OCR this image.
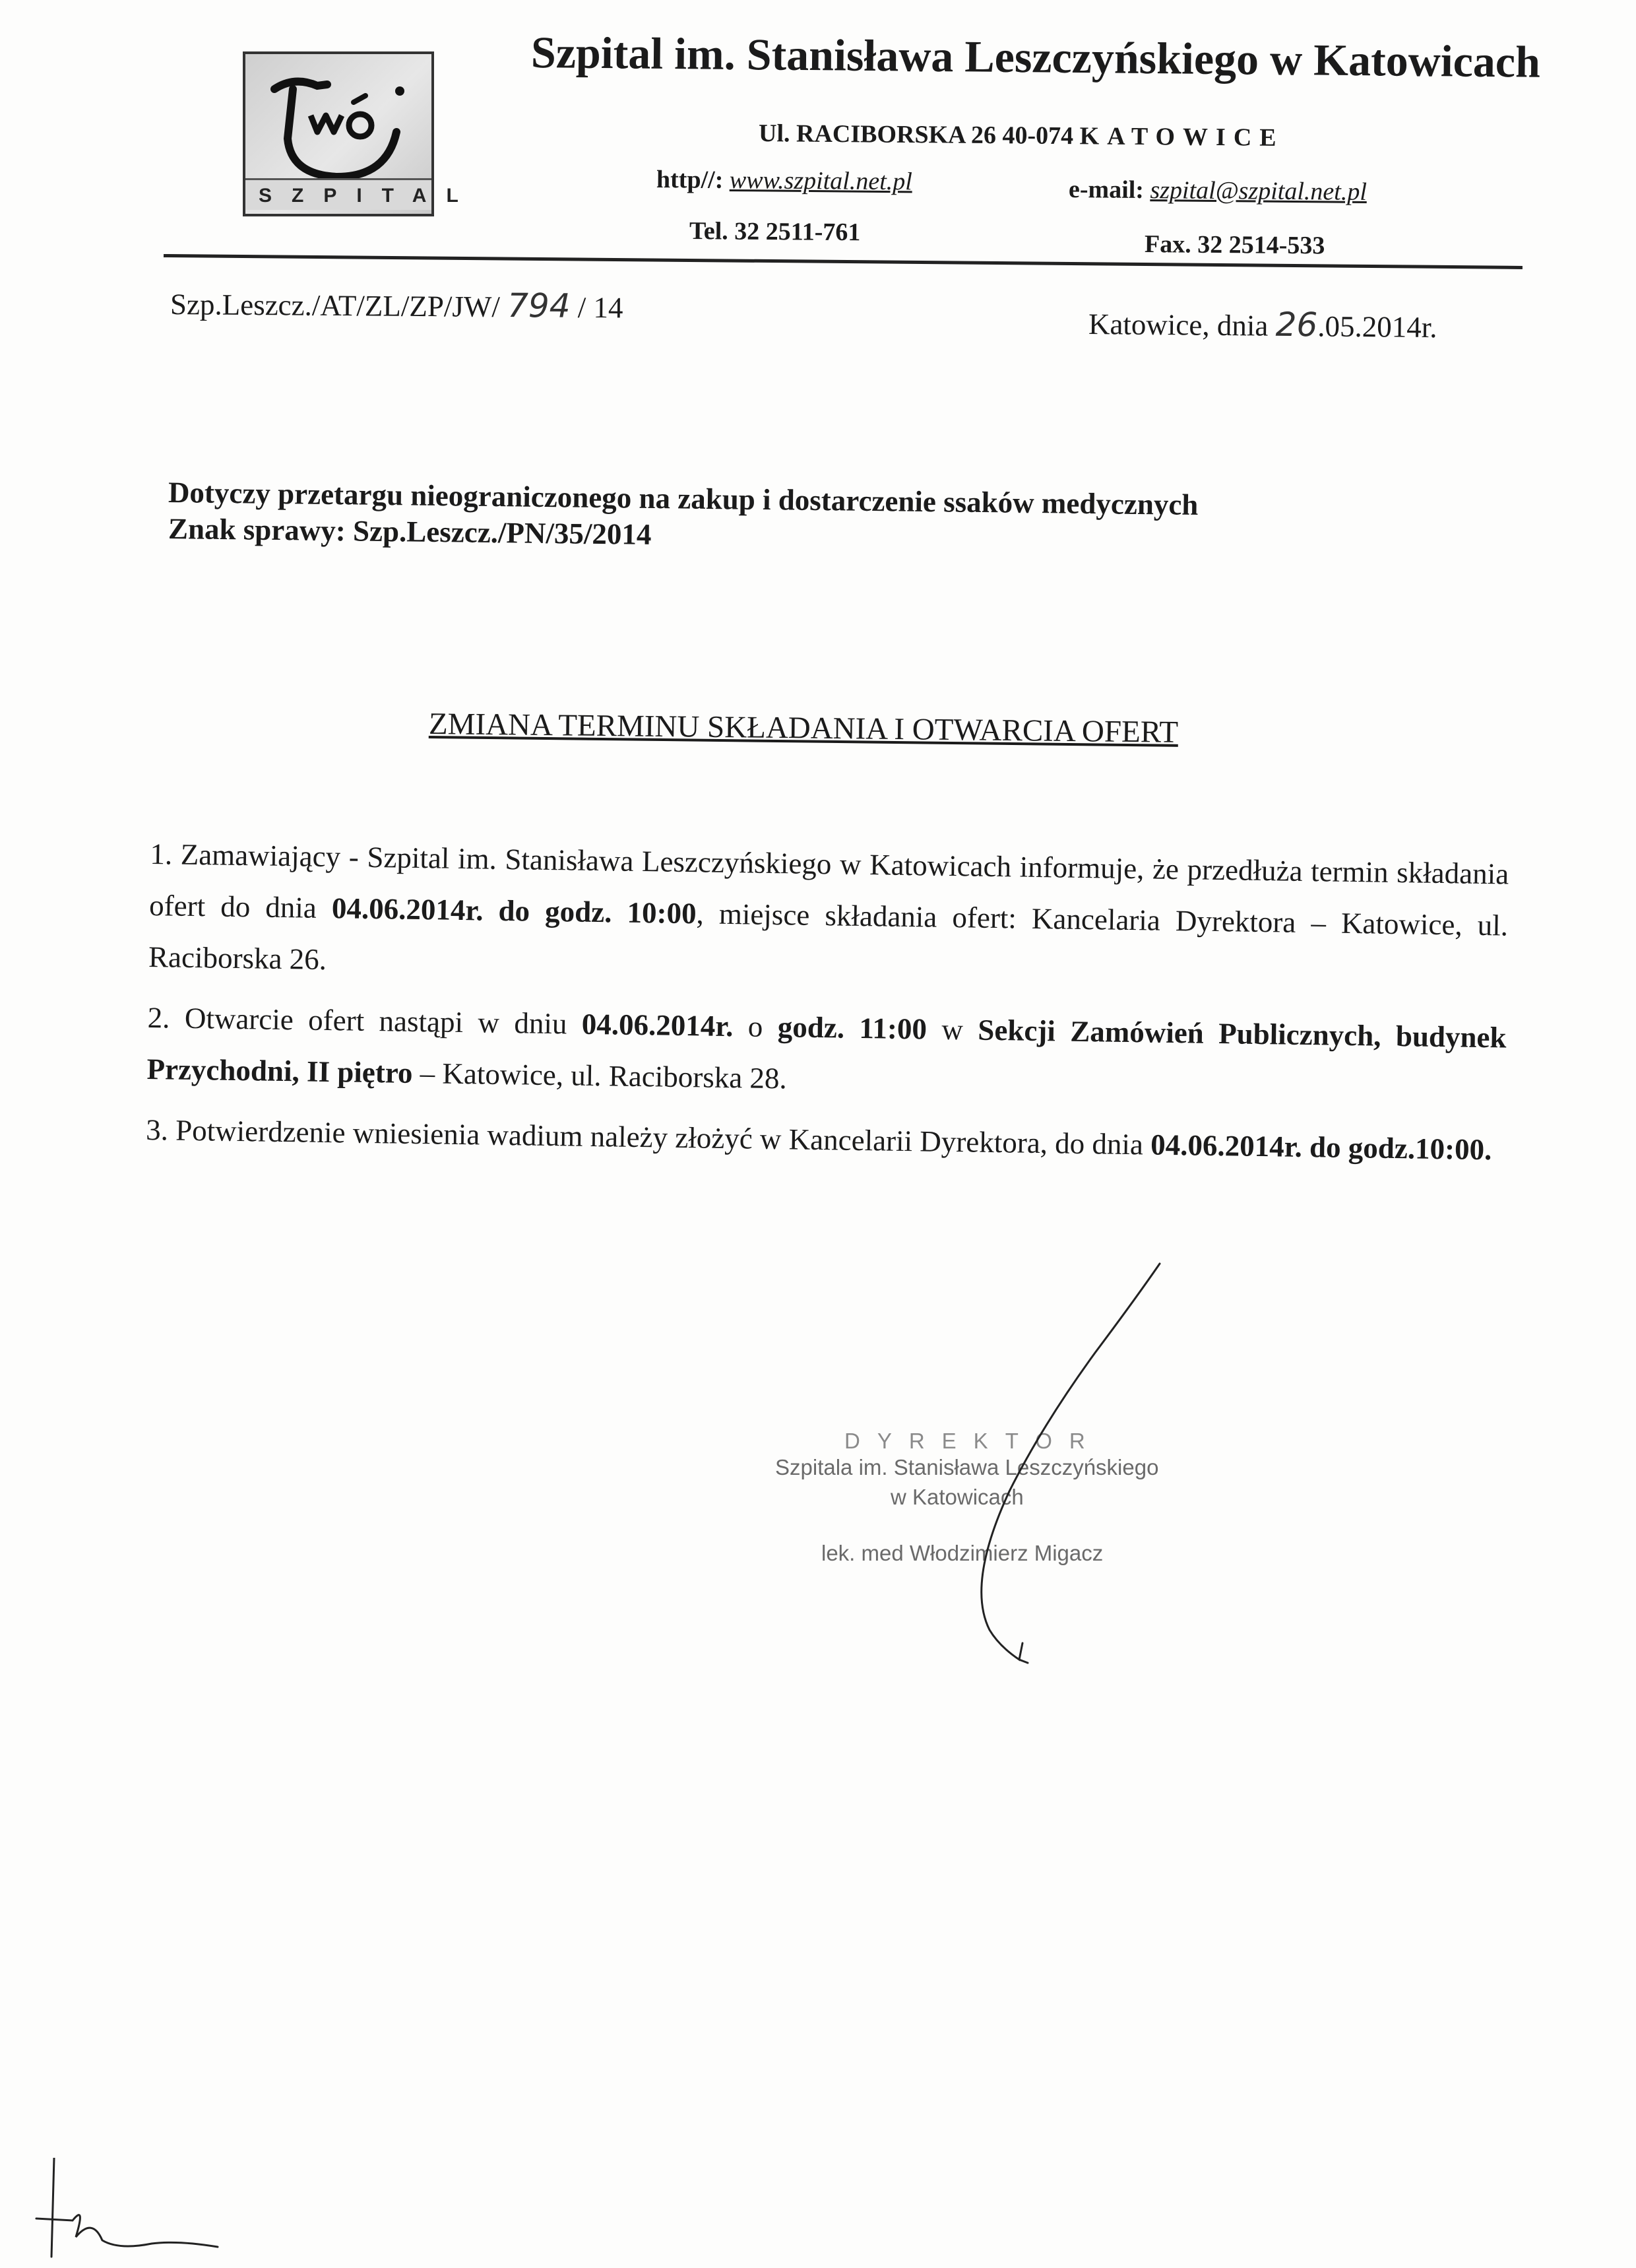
SZPITAL
Szpital im. Stanisława Leszczyńskiego w Katowicach
Ul. RACIBORSKA 26 40-074 KATOWICE
http//: www.szpital.net.pl	e-mail: szpital@szpital.net.pl
Tel. 32 2511-761	Fax. 32 2514-533
Szp.Leszcz./AT/ZL/ZP/JW/ 794 / 14	Katowice, dnia 26.05.2014r.
Dotyczy przetargu nieograniczonego na zakup i dostarczenie ssaków medycznych
Znak sprawy: Szp.Leszcz./PN/35/2014
ZMIANA TERMINU SKŁADANIA I OTWARCIA OFERT

1. Zamawiający - Szpital im. Stanisława Leszczyńskiego w Katowicach informuje, że przedłuża termin składania ofert do dnia 04.06.2014r. do godz. 10:00, miejsce składania ofert: Kancelaria Dyrektora – Katowice, ul. Raciborska 26.

2. Otwarcie ofert nastąpi w dniu 04.06.2014r. o godz. 11:00 w Sekcji Zamówień Publicznych, budynek Przychodni, II piętro – Katowice, ul. Raciborska 28.

3. Potwierdzenie wniesienia wadium należy złożyć w Kancelarii Dyrektora, do dnia 04.06.2014r. do godz.10:00.

DYREKTOR
Szpitala im. Stanisława Leszczyńskiego
w Katowicach
lek. med Włodzimierz Migacz
